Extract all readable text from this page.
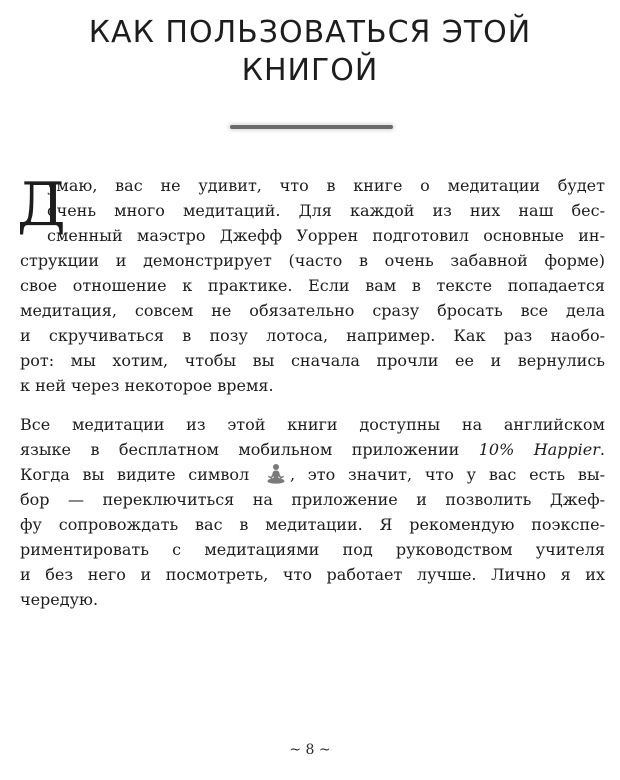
КАК ПОЛЬЗОВАТЬСЯ ЭТОЙ
КНИГОЙ
Д
умаю, вас не удивит, что в книге о медитации будет
очень много медитаций. Для каждой из них наш бес-
сменный маэстро Джефф Уоррен подготовил основные ин-
струкции и демонстрирует (часто в очень забавной форме)
свое отношение к практике. Если вам в тексте попадается
медитация, совсем не обязательно сразу бросать все дела
и скручиваться в позу лотоса, например. Как раз наобо-
рот: мы хотим, чтобы вы сначала прочли ее и вернулись
к ней через некоторое время.
Все медитации из этой книги доступны на английском
языке в бесплатном мобильном приложении 10% Happier.
Когда вы видите символ	, это значит, что у вас есть вы-
бор — переключиться на приложение и позволить Джеф-
фу сопровождать вас в медитации. Я рекомендую поэкспе-
риментировать с медитациями под руководством учителя
и без него и посмотреть, что работает лучше. Лично я их
чередую.
~ 8 ~
